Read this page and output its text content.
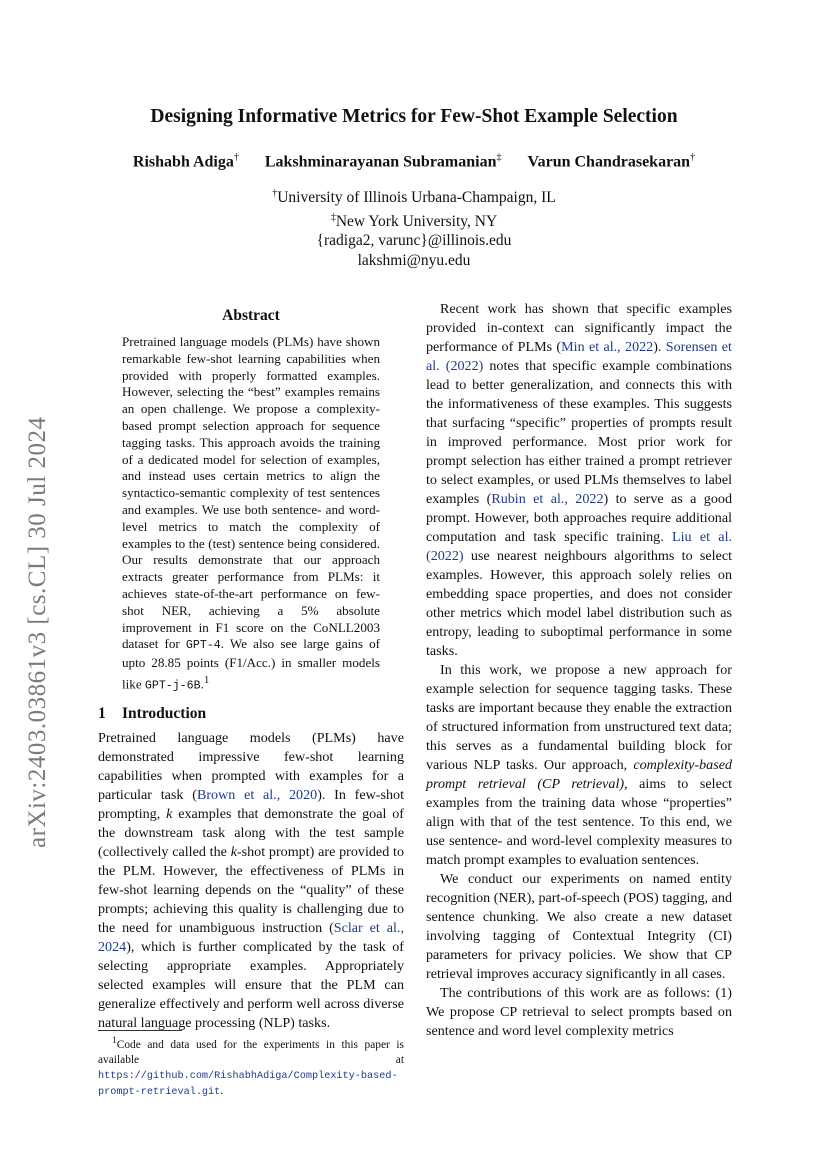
arXiv:2403.03861v3 [cs.CL] 30 Jul 2024
Designing Informative Metrics for Few-Shot Example Selection
Rishabh Adiga† Lakshminarayanan Subramanian‡ Varun Chandrasekaran†
†University of Illinois Urbana-Champaign, IL
‡New York University, NY
{radiga2, varunc}@illinois.edu
lakshmi@nyu.edu
Abstract
Pretrained language models (PLMs) have shown remarkable few-shot learning capabilities when provided with properly formatted examples. However, selecting the “best” examples remains an open challenge. We propose a complexity-based prompt selection approach for sequence tagging tasks. This approach avoids the training of a dedicated model for selection of examples, and instead uses certain metrics to align the syntactico-semantic complexity of test sentences and examples. We use both sentence- and word-level metrics to match the complexity of examples to the (test) sentence being considered. Our results demonstrate that our approach extracts greater performance from PLMs: it achieves state-of-the-art performance on few-shot NER, achieving a 5% absolute improvement in F1 score on the CoNLL2003 dataset for GPT-4. We also see large gains of upto 28.85 points (F1/Acc.) in smaller models like GPT-j-6B.$^1$
1 Introduction

Pretrained language models (PLMs) have demonstrated impressive few-shot learning capabilities when prompted with examples for a particular task (Brown et al., 2020). In few-shot prompting, k examples that demonstrate the goal of the downstream task along with the test sample (collectively called the k-shot prompt) are provided to the PLM. However, the effectiveness of PLMs in few-shot learning depends on the “quality” of these prompts; achieving this quality is challenging due to the need for unambiguous instruction (Sclar et al., 2024), which is further complicated by the task of selecting appropriate examples. Appropriately selected examples will ensure that the PLM can generalize effectively and perform well across diverse natural language processing (NLP) tasks.

$^1$Code and data used for the experiments in this paper is available at https://github.com/RishabhAdiga/Complexity-based-prompt-retrieval.git.

Recent work has shown that specific examples provided in-context can significantly impact the performance of PLMs (Min et al., 2022). Sorensen et al. (2022) notes that specific example combinations lead to better generalization, and connects this with the informativeness of these examples. This suggests that surfacing “specific” properties of prompts result in improved performance. Most prior work for prompt selection has either trained a prompt retriever to select examples, or used PLMs themselves to label examples (Rubin et al., 2022) to serve as a good prompt. However, both approaches require additional computation and task specific training. Liu et al. (2022) use nearest neighbours algorithms to select examples. However, this approach solely relies on embedding space properties, and does not consider other metrics which model label distribution such as entropy, leading to suboptimal performance in some tasks.

In this work, we propose a new approach for example selection for sequence tagging tasks. These tasks are important because they enable the extraction of structured information from unstructured text data; this serves as a fundamental building block for various NLP tasks. Our approach, complexity-based prompt retrieval (CP retrieval), aims to select examples from the training data whose “properties” align with that of the test sentence. To this end, we use sentence- and word-level complexity measures to match prompt examples to evaluation sentences.

We conduct our experiments on named entity recognition (NER), part-of-speech (POS) tagging, and sentence chunking. We also create a new dataset involving tagging of Contextual Integrity (CI) parameters for privacy policies. We show that CP retrieval improves accuracy significantly in all cases.

The contributions of this work are as follows: (1) We propose CP retrieval to select prompts based on sentence and word level complexity metrics
